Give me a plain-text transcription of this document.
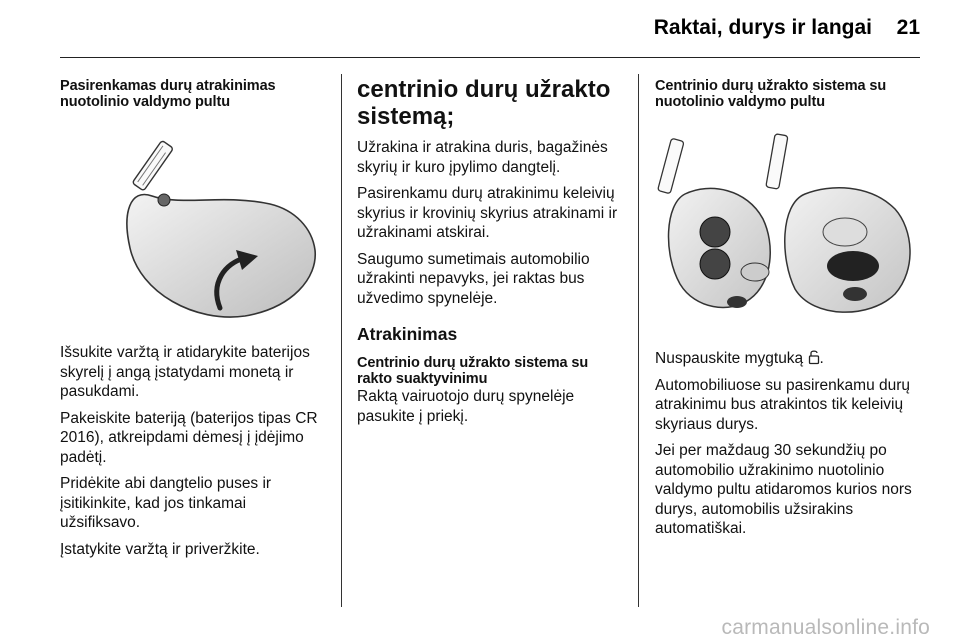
Raktai, durys ir langai 21
Pasirenkamas durų atrakinimas nuotolinio valdymo pultu

Išsukite varžtą ir atidarykite baterijos skyrelį į angą įstatydami monetą ir pasukdami.

Pakeiskite bateriją (baterijos tipas CR 2016), atkreipdami dėmesį į įdėjimo padėtį.

Pridėkite abi dangtelio puses ir įsitikinkite, kad jos tinkamai užsifiksavo.

Įstatykite varžtą ir priveržkite.

centrinio durų užrakto sistemą;

Užrakina ir atrakina duris, bagažinės skyrių ir kuro įpylimo dangtelį.

Pasirenkamu durų atrakinimu keleivių skyrius ir krovinių skyrius atrakinami ir užrakinami atskirai.

Saugumo sumetimais automobilio užrakinti nepavyks, jei raktas bus užvedimo spynelėje.

Atrakinimas
Centrinio durų užrakto sistema su rakto suaktyvinimu

Raktą vairuotojo durų spynelėje pasukite į priekį.

Centrinio durų užrakto sistema su nuotolinio valdymo pultu

Nuspauskite mygtuką .

Automobiliuose su pasirenkamu durų atrakinimu bus atrakintos tik keleivių skyriaus durys.

Jei per maždaug 30 sekundžių po automobilio užrakinimo nuotolinio valdymo pultu atidaromos kurios nors durys, automobilis užsirakins automatiškai.

carmanualsonline.info
